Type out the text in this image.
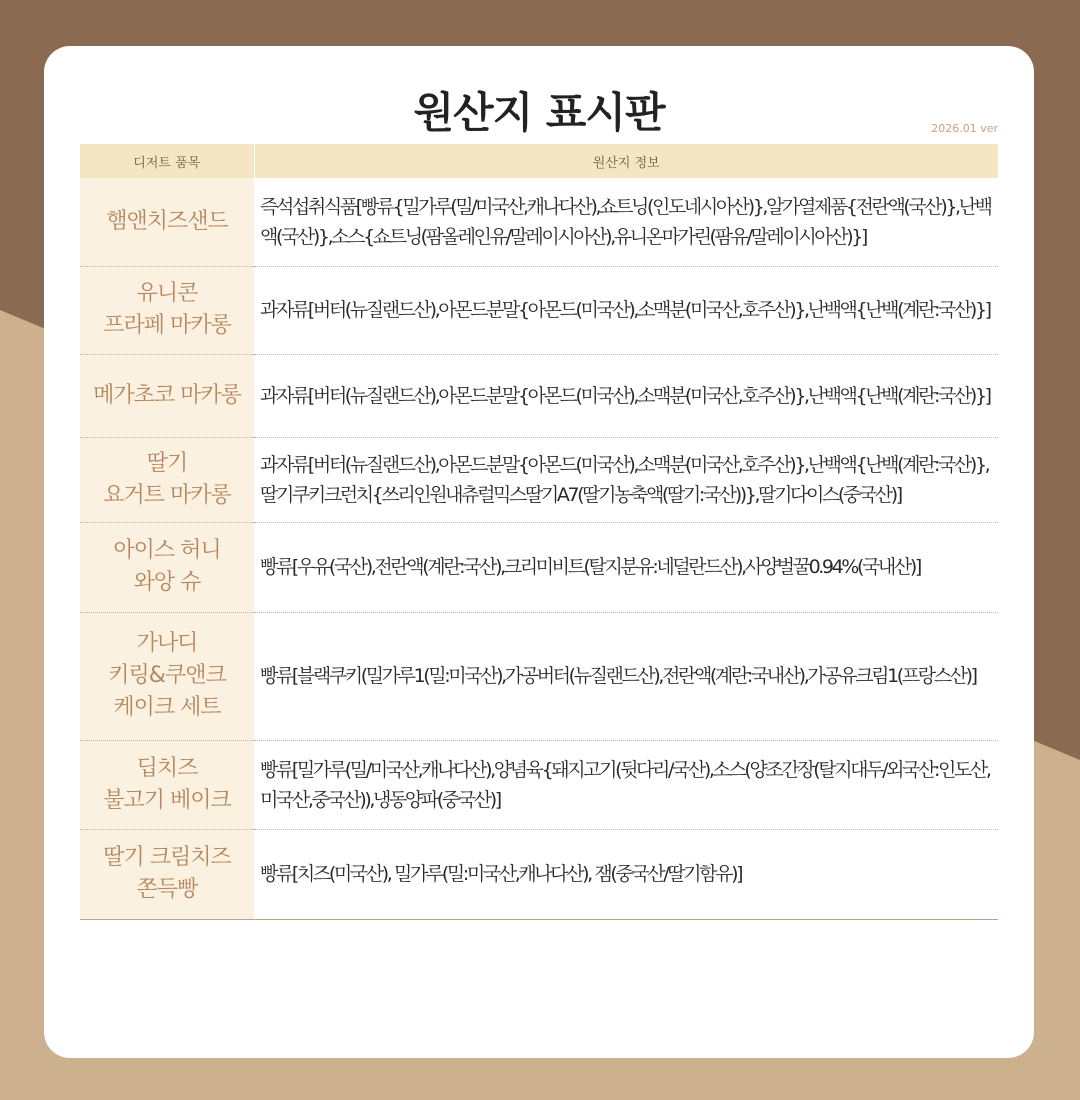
원산지 표시판	2026.01 ver
디저트 품목	원산지 정보

햄앤치즈샌드	즉석섭취식품[빵류{밀가루(밀/미국산,캐나다산),쇼트닝(인도네시아산)},알가열제품{전란액(국산)},난백액(국산)},소스{쇼트닝(팜올레인유/말레이시아산),유니온마가린(팜유/말레이시아산)}]

유니콘
프라페 마카롱	과자류[버터(뉴질랜드산),아몬드분말{아몬드(미국산),소맥분(미국산,호주산)},난백액{난백(계란:국산)}]

메가초코 마카롱	과자류[버터(뉴질랜드산),아몬드분말{아몬드(미국산),소맥분(미국산,호주산)},난백액{난백(계란:국산)}]

딸기
요거트 마카롱	과자류[버터(뉴질랜드산),아몬드분말{아몬드(미국산),소맥분(미국산,호주산)},난백액{난백(계란:국산)},딸기쿠키크런치{쓰리인원내츄럴믹스딸기A7(딸기농축액(딸기:국산))},딸기다이스(중국산)]

아이스 허니
와앙 슈	빵류[우유(국산),전란액(계란:국산),크리미비트(탈지분유:네덜란드산),사양벌꿀0.94%(국내산)]

가나디
키링&쿠앤크
케이크 세트	빵류[블랙쿠키(밀가루1(밀:미국산),가공버터(뉴질랜드산),전란액(계란:국내산),가공유크림1(프랑스산)]

딥치즈
불고기 베이크	빵류[밀가루(밀/미국산,캐나다산),양념육{돼지고기(뒷다리/국산),소스(양조간장(탈지대두/외국산:인도산,미국산,중국산)),냉동양파(중국산)]

딸기 크림치즈
쫀득빵	빵류[치즈(미국산), 밀가루(밀:미국산,캐나다산), 잼(중국산/딸기함유)]
